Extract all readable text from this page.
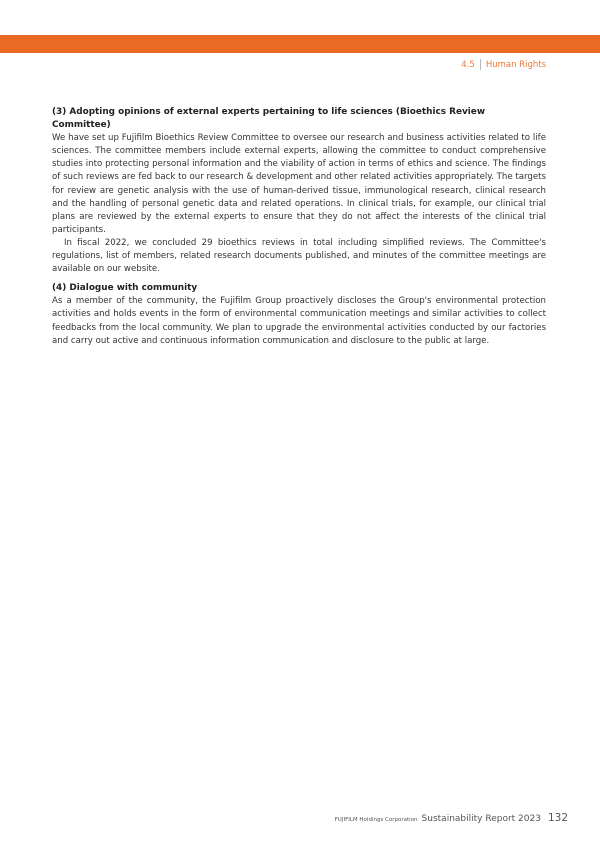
4.5 Human Rights
(3) Adopting opinions of external experts pertaining to life sciences (Bioethics Review Committee)

We have set up Fujifilm Bioethics Review Committee to oversee our research and business activities related to life sciences. The committee members include external experts, allowing the committee to conduct comprehensive studies into protecting personal information and the viability of action in terms of ethics and science. The findings of such reviews are fed back to our research & development and other related activities appropriately. The targets for review are genetic analysis with the use of human-derived tissue, immunological research, clinical research and the handling of personal genetic data and related operations. In clinical trials, for example, our clinical trial plans are reviewed by the external experts to ensure that they do not affect the interests of the clinical trial participants.

In fiscal 2022, we concluded 29 bioethics reviews in total including simplified reviews. The Committee's regulations, list of members, related research documents published, and minutes of the committee meetings are available on our website.

(4) Dialogue with community

As a member of the community, the Fujifilm Group proactively discloses the Group's environmental protection activities and holds events in the form of environmental communication meetings and similar activities to collect feedbacks from the local community. We plan to upgrade the environmental activities conducted by our factories and carry out active and continuous information communication and disclosure to the public at large.

FUJIFILM Holdings Corporation Sustainability Report 2023 132
